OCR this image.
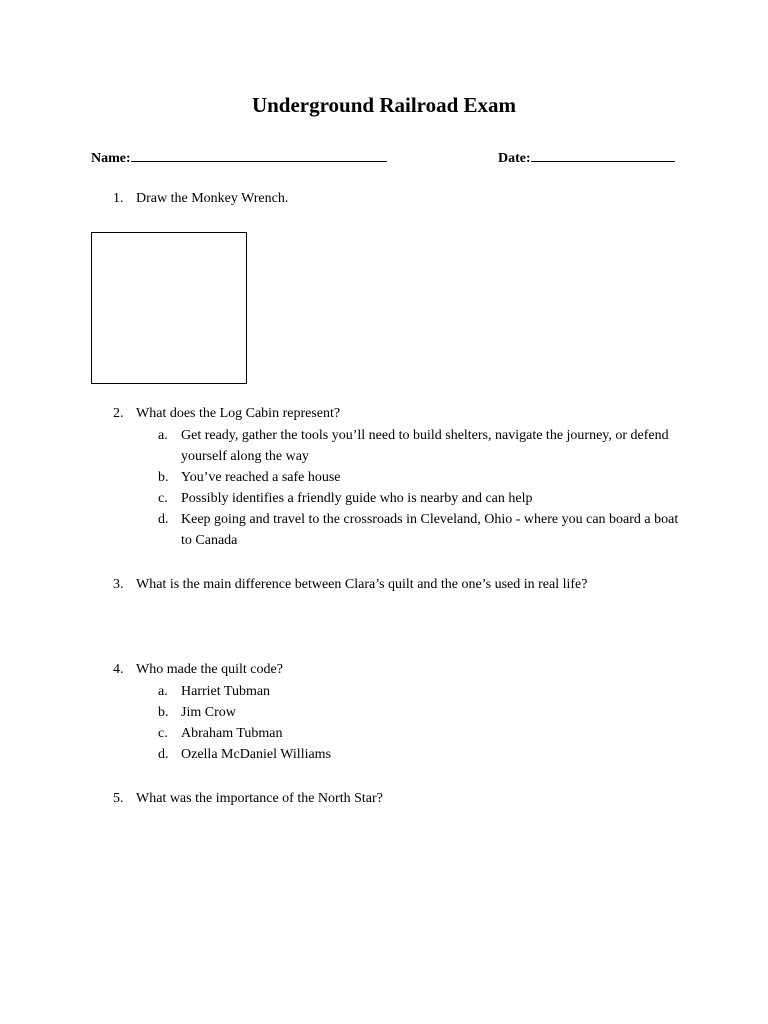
Underground Railroad Exam
Name:	Date:
1. Draw the Monkey Wrench.
2. What does the Log Cabin represent?
a. Get ready, gather the tools you’ll need to build shelters, navigate the journey, or defend yourself along the way
b. You’ve reached a safe house
c. Possibly identifies a friendly guide who is nearby and can help
d. Keep going and travel to the crossroads in Cleveland, Ohio - where you can board a boat to Canada
3. What is the main difference between Clara’s quilt and the one’s used in real life?
4. Who made the quilt code?
a. Harriet Tubman
b. Jim Crow
c. Abraham Tubman
d. Ozella McDaniel Williams
5. What was the importance of the North Star?
